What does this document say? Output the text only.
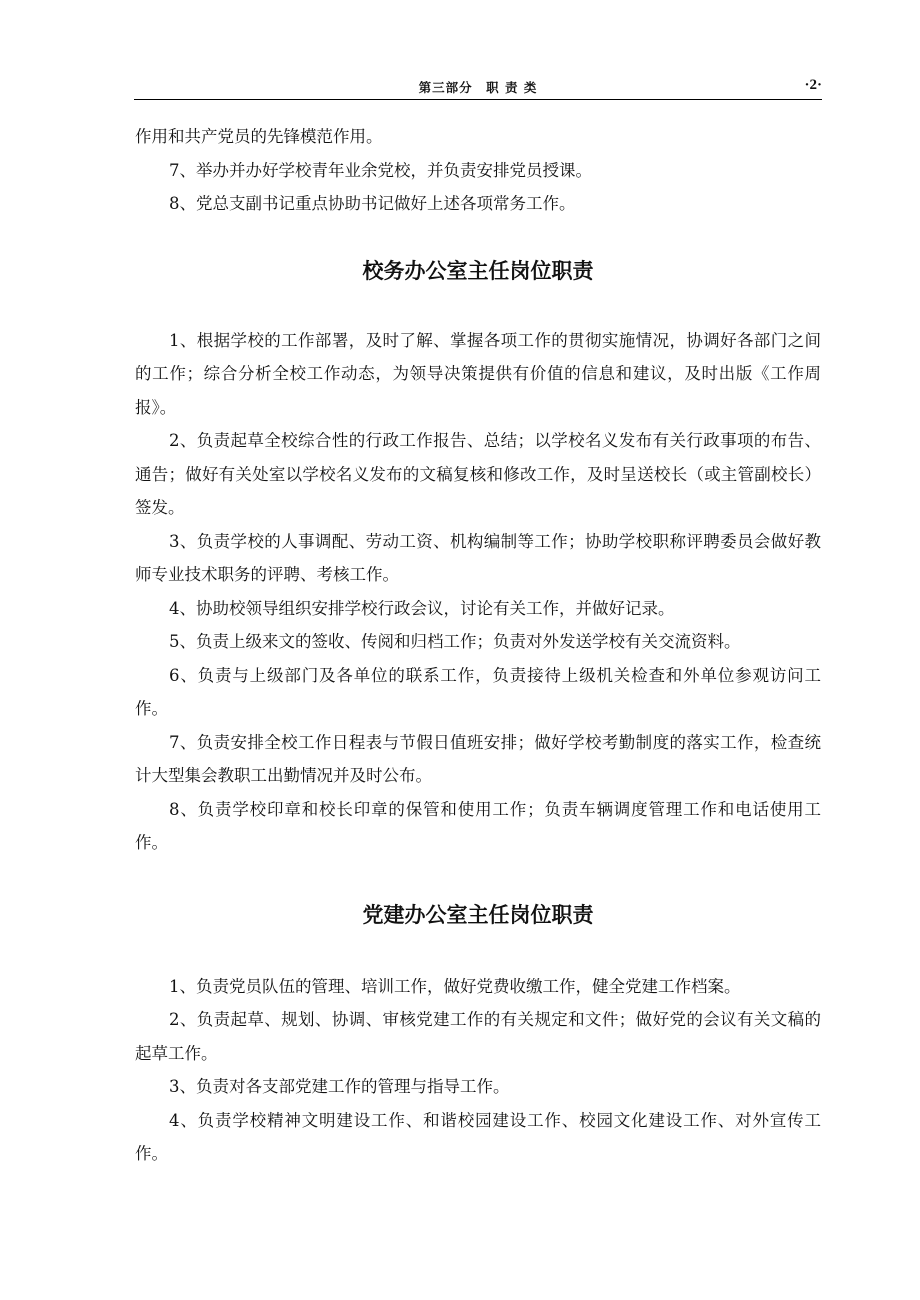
第三部分　职 责 类	·2·

作用和共产党员的先锋模范作用。

7、举办并办好学校青年业余党校，并负责安排党员授课。

8、党总支副书记重点协助书记做好上述各项常务工作。

校务办公室主任岗位职责

1、根据学校的工作部署，及时了解、掌握各项工作的贯彻实施情况，协调好各部门之间的工作；综合分析全校工作动态，为领导决策提供有价值的信息和建议，及时出版《工作周报》。

2、负责起草全校综合性的行政工作报告、总结；以学校名义发布有关行政事项的布告、通告；做好有关处室以学校名义发布的文稿复核和修改工作，及时呈送校长（或主管副校长）签发。

3、负责学校的人事调配、劳动工资、机构编制等工作；协助学校职称评聘委员会做好教师专业技术职务的评聘、考核工作。

4、协助校领导组织安排学校行政会议，讨论有关工作，并做好记录。

5、负责上级来文的签收、传阅和归档工作；负责对外发送学校有关交流资料。

6、负责与上级部门及各单位的联系工作，负责接待上级机关检查和外单位参观访问工作。

7、负责安排全校工作日程表与节假日值班安排；做好学校考勤制度的落实工作，检查统计大型集会教职工出勤情况并及时公布。

8、负责学校印章和校长印章的保管和使用工作；负责车辆调度管理工作和电话使用工作。

党建办公室主任岗位职责

1、负责党员队伍的管理、培训工作，做好党费收缴工作，健全党建工作档案。

2、负责起草、规划、协调、审核党建工作的有关规定和文件；做好党的会议有关文稿的起草工作。

3、负责对各支部党建工作的管理与指导工作。

4、负责学校精神文明建设工作、和谐校园建设工作、校园文化建设工作、对外宣传工作。
